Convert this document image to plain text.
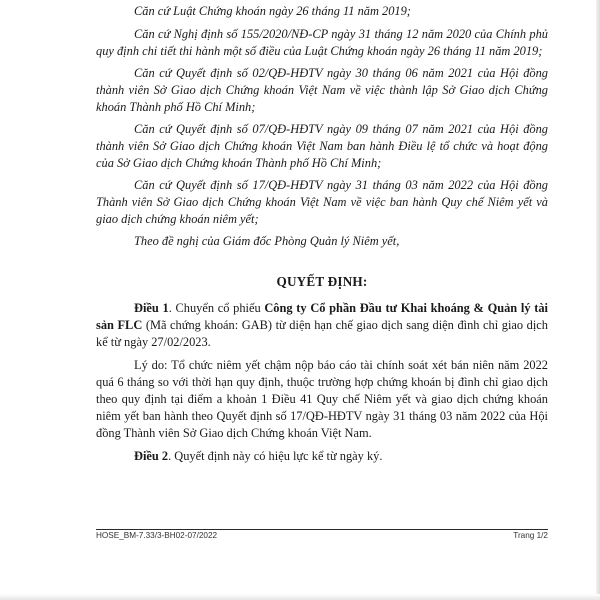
Căn cứ Luật Chứng khoán ngày 26 tháng 11 năm 2019;

Căn cứ Nghị định số 155/2020/NĐ-CP ngày 31 tháng 12 năm 2020 của Chính phủ quy định chi tiết thi hành một số điều của Luật Chứng khoán ngày 26 tháng 11 năm 2019;

Căn cứ Quyết định số 02/QĐ-HĐTV ngày 30 tháng 06 năm 2021 của Hội đồng thành viên Sở Giao dịch Chứng khoán Việt Nam về việc thành lập Sở Giao dịch Chứng khoán Thành phố Hồ Chí Minh;

Căn cứ Quyết định số 07/QĐ-HĐTV ngày 09 tháng 07 năm 2021 của Hội đồng thành viên Sở Giao dịch Chứng khoán Việt Nam ban hành Điều lệ tổ chức và hoạt động của Sở Giao dịch Chứng khoán Thành phố Hồ Chí Minh;

Căn cứ Quyết định số 17/QĐ-HĐTV ngày 31 tháng 03 năm 2022 của Hội đồng Thành viên Sở Giao dịch Chứng khoán Việt Nam về việc ban hành Quy chế Niêm yết và giao dịch chứng khoán niêm yết;

Theo đề nghị của Giám đốc Phòng Quản lý Niêm yết,

QUYẾT ĐỊNH:

Điều 1. Chuyển cổ phiếu Công ty Cổ phần Đầu tư Khai khoáng & Quản lý tài sản FLC (Mã chứng khoán: GAB) từ diện hạn chế giao dịch sang diện đình chỉ giao dịch kể từ ngày 27/02/2023.

Lý do: Tổ chức niêm yết chậm nộp báo cáo tài chính soát xét bán niên năm 2022 quá 6 tháng so với thời hạn quy định, thuộc trường hợp chứng khoán bị đình chỉ giao dịch theo quy định tại điểm a khoản 1 Điều 41 Quy chế Niêm yết và giao dịch chứng khoán niêm yết ban hành theo Quyết định số 17/QĐ-HĐTV ngày 31 tháng 03 năm 2022 của Hội đồng Thành viên Sở Giao dịch Chứng khoán Việt Nam.

Điều 2. Quyết định này có hiệu lực kể từ ngày ký.

HOSE_BM-7.33/3-BH02-07/2022	Trang 1/2
